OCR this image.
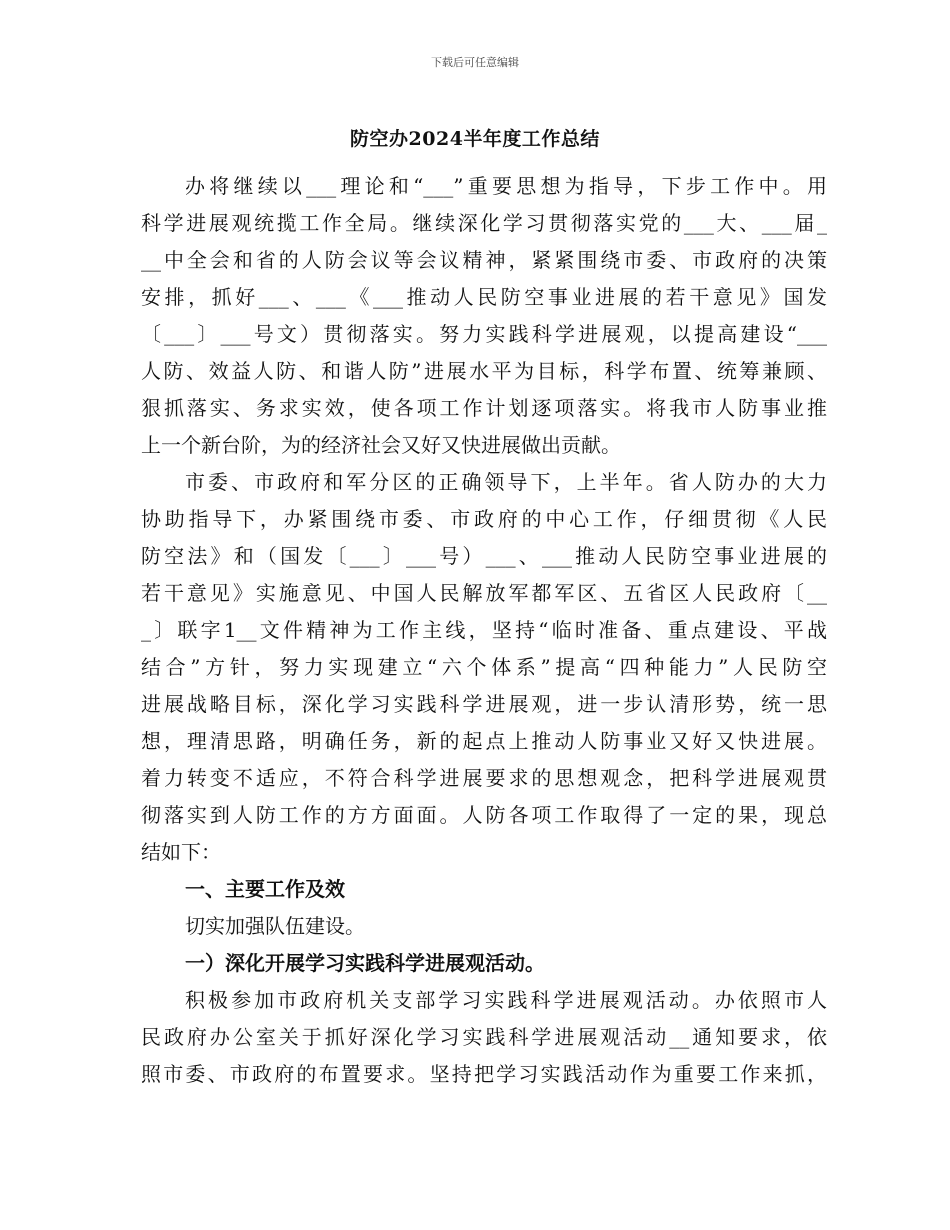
下载后可任意编辑
防空办2024半年度工作总结
办将继续以___理论和“___”重要思想为指导，下步工作中。用
科学进展观统揽工作全局。继续深化学习贯彻落实党的___大、___届_
__中全会和省的人防会议等会议精神，紧紧围绕市委、市政府的决策
安排，抓好___、___《___推动人民防空事业进展的若干意见》国发
〔___〕___号文）贯彻落实。努力实践科学进展观，以提高建设“___
人防、效益人防、和谐人防”进展水平为目标，科学布置、统筹兼顾、
狠抓落实、务求实效，使各项工作计划逐项落实。将我市人防事业推
上一个新台阶，为的经济社会又好又快进展做出贡献。
市委、市政府和军分区的正确领导下，上半年。省人防办的大力
协助指导下，办紧围绕市委、市政府的中心工作，仔细贯彻《人民
防空法》和（国发〔___〕___号）___、___推动人民防空事业进展的
若干意见》实施意见、中国人民解放军都军区、五省区人民政府〔__
_〕联字1__文件精神为工作主线，坚持“临时准备、重点建设、平战
结合”方针，努力实现建立“六个体系”提高“四种能力”人民防空
进展战略目标，深化学习实践科学进展观，进一步认清形势，统一思
想，理清思路，明确任务，新的起点上推动人防事业又好又快进展。
着力转变不适应，不符合科学进展要求的思想观念，把科学进展观贯
彻落实到人防工作的方方面面。人防各项工作取得了一定的果，现总
结如下：
一、主要工作及效
切实加强队伍建设。
一）深化开展学习实践科学进展观活动。
积极参加市政府机关支部学习实践科学进展观活动。办依照市人
民政府办公室关于抓好深化学习实践科学进展观活动__通知要求，依
照市委、市政府的布置要求。坚持把学习实践活动作为重要工作来抓，
